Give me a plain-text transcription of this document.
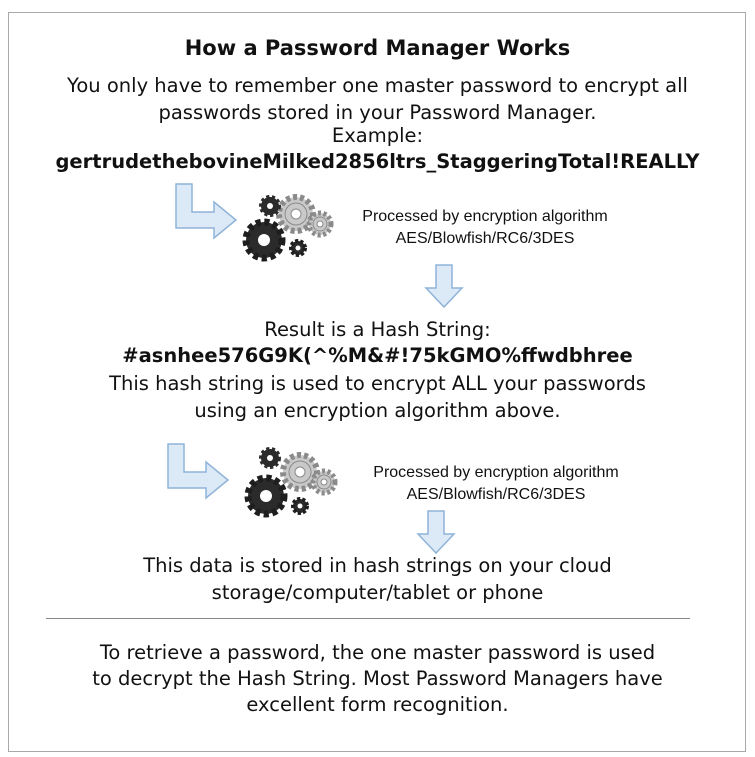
How a Password Manager Works
You only have to remember one master password to encrypt all
passwords stored in your Password Manager.
Example:
gertrudethebovineMilked2856ltrs_StaggeringTotal!REALLY
Processed by encryption algorithm
AES/Blowfish/RC6/3DES
Result is a Hash String:
#asnhee576G9K(^%M&#!75kGMO%ffwdbhree
This hash string is used to encrypt ALL your passwords
using an encryption algorithm above.
Processed by encryption algorithm
AES/Blowfish/RC6/3DES
This data is stored in hash strings on your cloud
storage/computer/tablet or phone
To retrieve a password, the one master password is used
to decrypt the Hash String. Most Password Managers have
excellent form recognition.
